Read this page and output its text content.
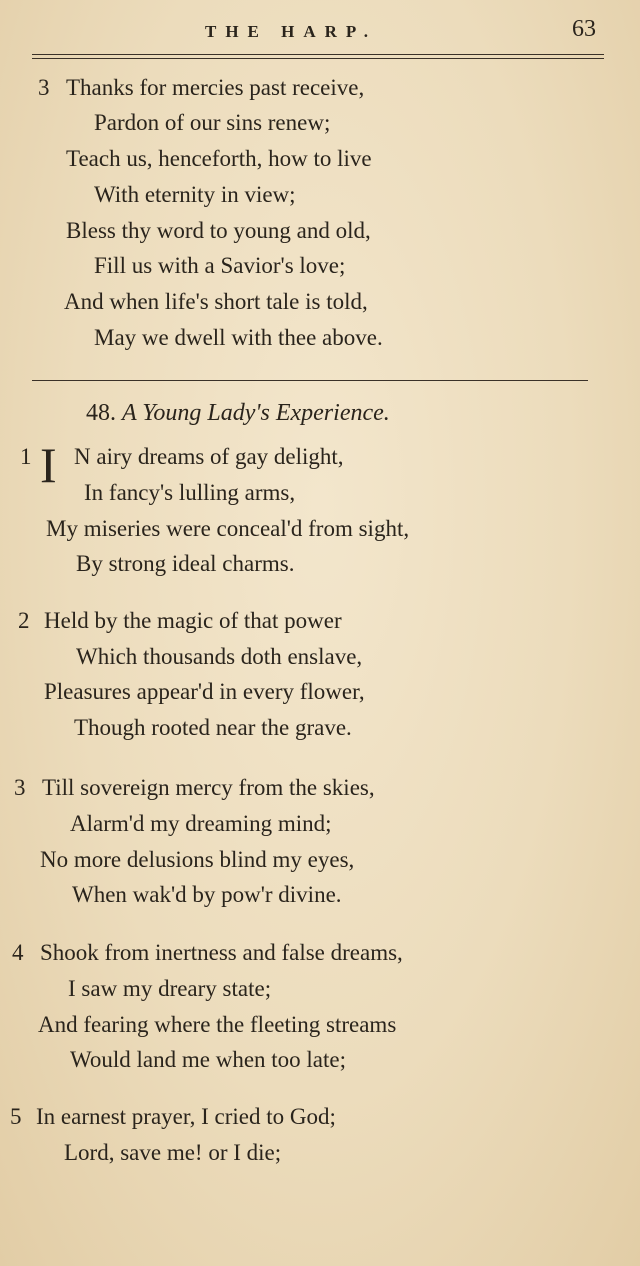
THE HARP.	63
3 Thanks for mercies past receive,
Pardon of our sins renew;
Teach us, henceforth, how to live
With eternity in view;
Bless thy word to young and old,
Fill us with a Savior's love;
And when life's short tale is told,
May we dwell with thee above.
48. A Young Lady's Experience.
1 I N airy dreams of gay delight,
In fancy's lulling arms,
My miseries were conceal'd from sight,
By strong ideal charms.
2 Held by the magic of that power
Which thousands doth enslave,
Pleasures appear'd in every flower,
Though rooted near the grave.
3 Till sovereign mercy from the skies,
Alarm'd my dreaming mind;
No more delusions blind my eyes,
When wak'd by pow'r divine.
4 Shook from inertness and false dreams,
I saw my dreary state;
And fearing where the fleeting streams
Would land me when too late;
5 In earnest prayer, I cried to God;
Lord, save me! or I die;
